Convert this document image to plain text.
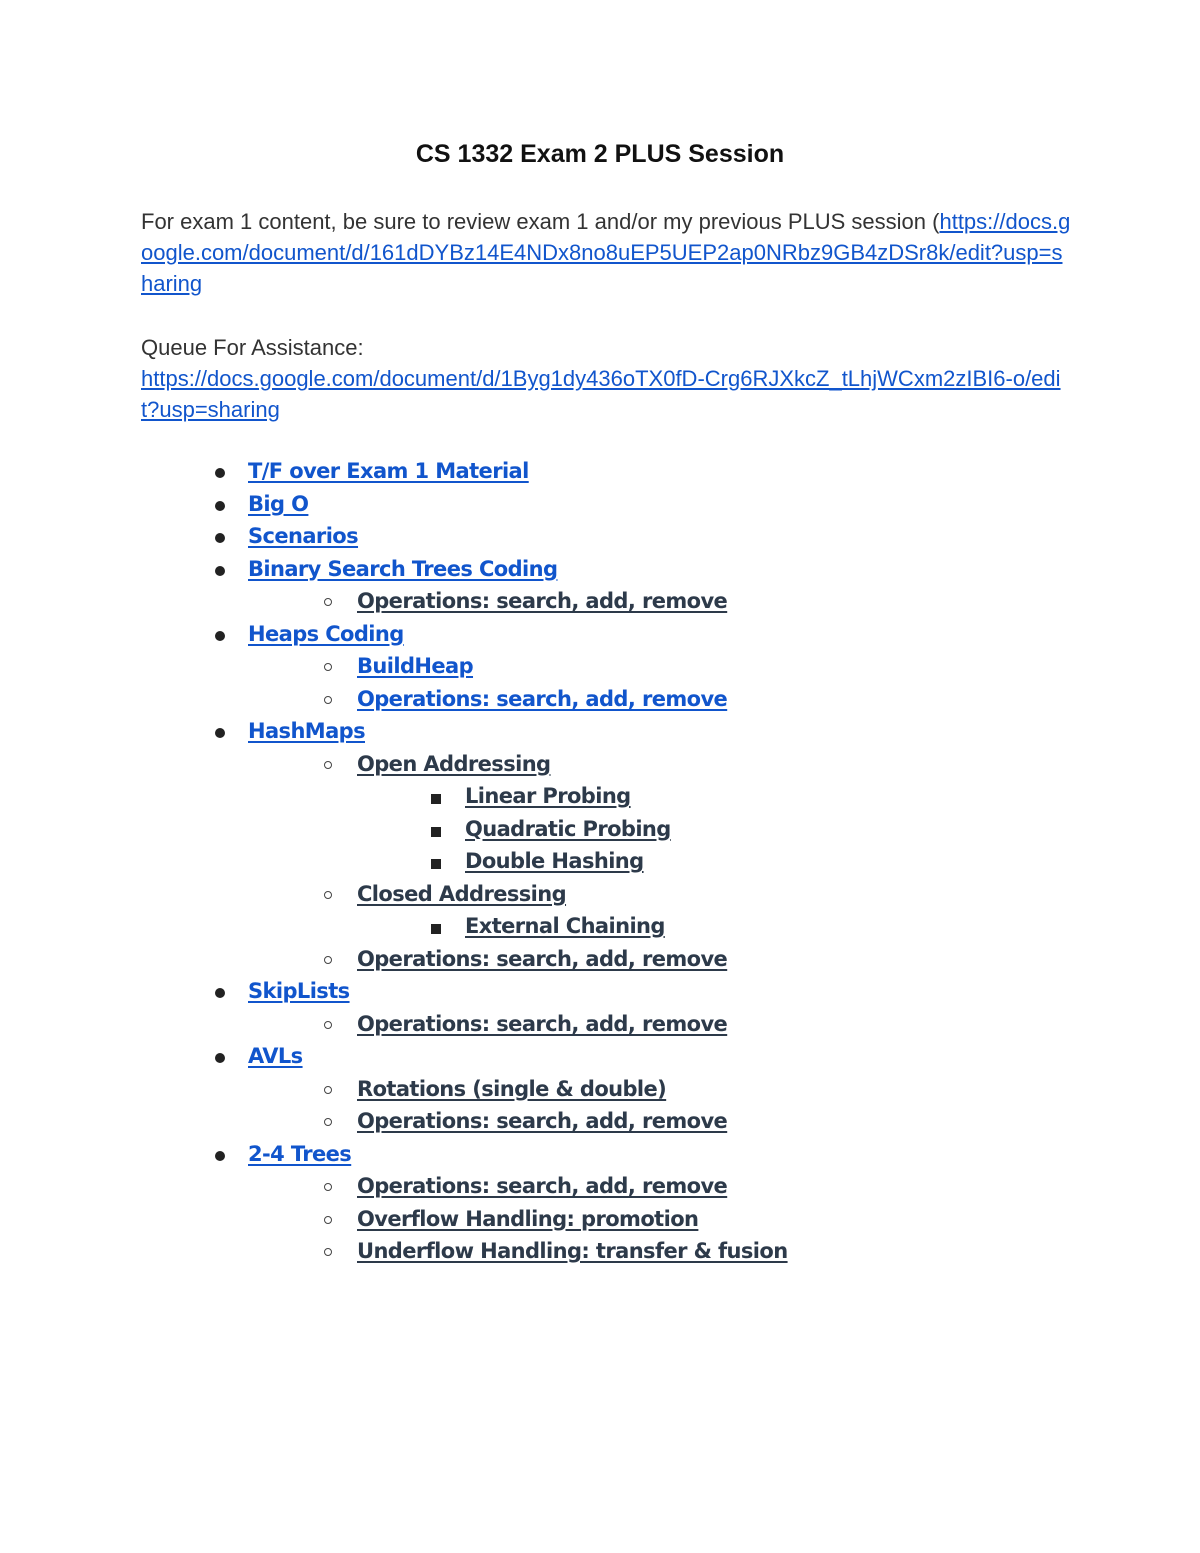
CS 1332 Exam 2 PLUS Session
For exam 1 content, be sure to review exam 1 and/or my previous PLUS session (https://docs.google.com/document/d/161dDYBz14E4NDx8no8uEP5UEP2ap0NRbz9GB4zDSr8k/edit?usp=sharing
Queue For Assistance:
https://docs.google.com/document/d/1Byg1dy436oTX0fD-Crg6RJXkcZ_tLhjWCxm2zIBI6-o/edit?usp=sharing
T/F over Exam 1 Material
Big O
Scenarios
Binary Search Trees Coding
Operations: search, add, remove
Heaps Coding
BuildHeap
Operations: search, add, remove
HashMaps
Open Addressing
Linear Probing
Quadratic Probing
Double Hashing
Closed Addressing
External Chaining
Operations: search, add, remove
SkipLists
Operations: search, add, remove
AVLs
Rotations (single & double)
Operations: search, add, remove
2-4 Trees
Operations: search, add, remove
Overflow Handling: promotion
Underflow Handling: transfer & fusion
